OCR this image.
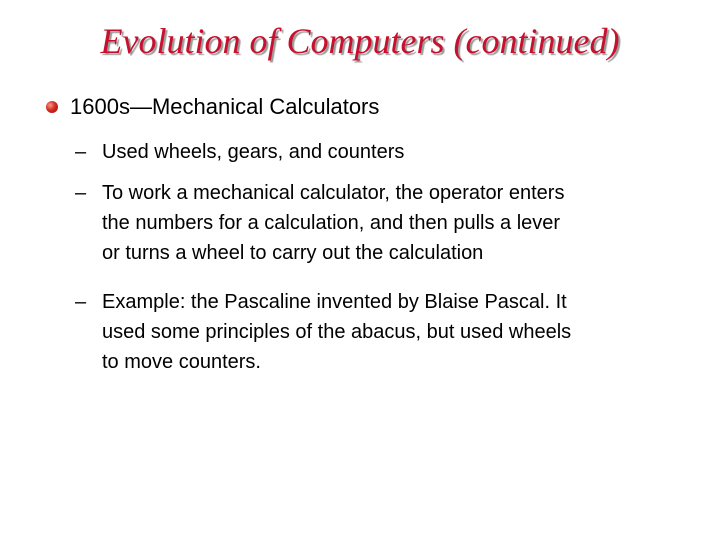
Evolution of Computers (continued)
1600s—Mechanical Calculators
– Used wheels, gears, and counters
– To work a mechanical calculator, the operator enters
the numbers for a calculation, and then pulls a lever
or turns a wheel to carry out the calculation
– Example: the Pascaline invented by Blaise Pascal. It
used some principles of the abacus, but used wheels
to move counters.
